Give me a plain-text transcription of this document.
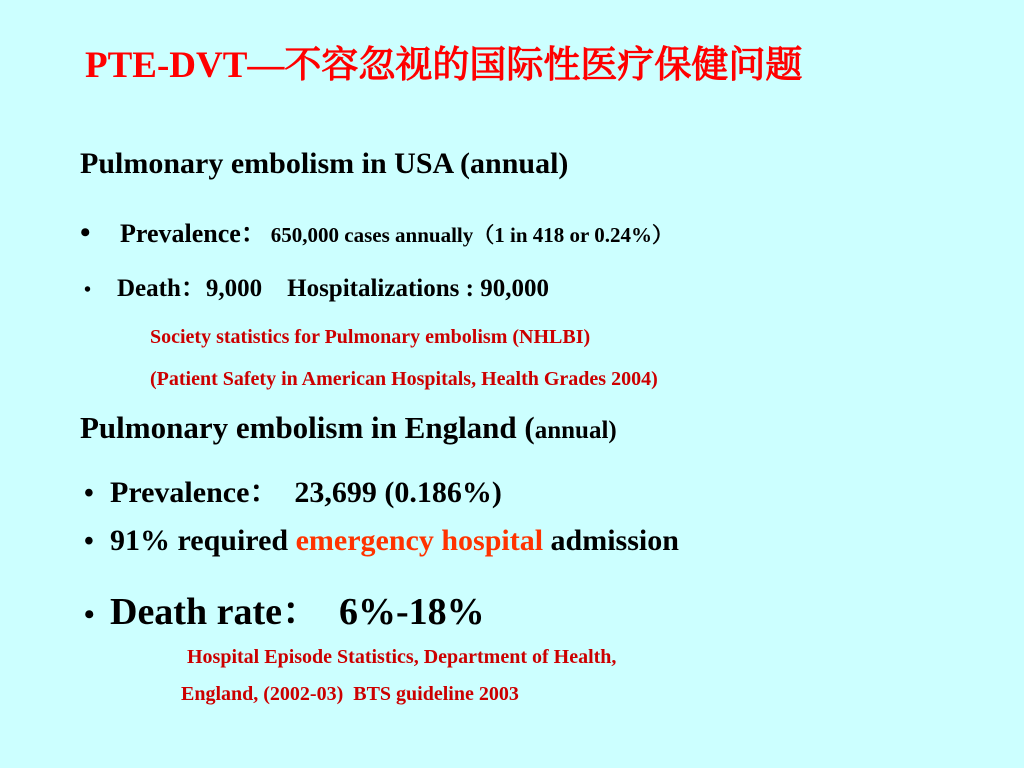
PTE-DVT—不容忽视的国际性医疗保健问题
Pulmonary embolism in USA (annual)
• Prevalence： 650,000 cases annually（1 in 418 or 0.24%）
• Death：9,000    Hospitalizations : 90,000
Society statistics for Pulmonary embolism (NHLBI)
(Patient Safety in American Hospitals, Health Grades 2004)
Pulmonary embolism in England (annual)
• Prevalence：  23,699 (0.186%)
• 91% required emergency hospital admission
• Death rate：  6%-18%
Hospital Episode Statistics, Department of Health,
England, (2002-03)  BTS guideline 2003
